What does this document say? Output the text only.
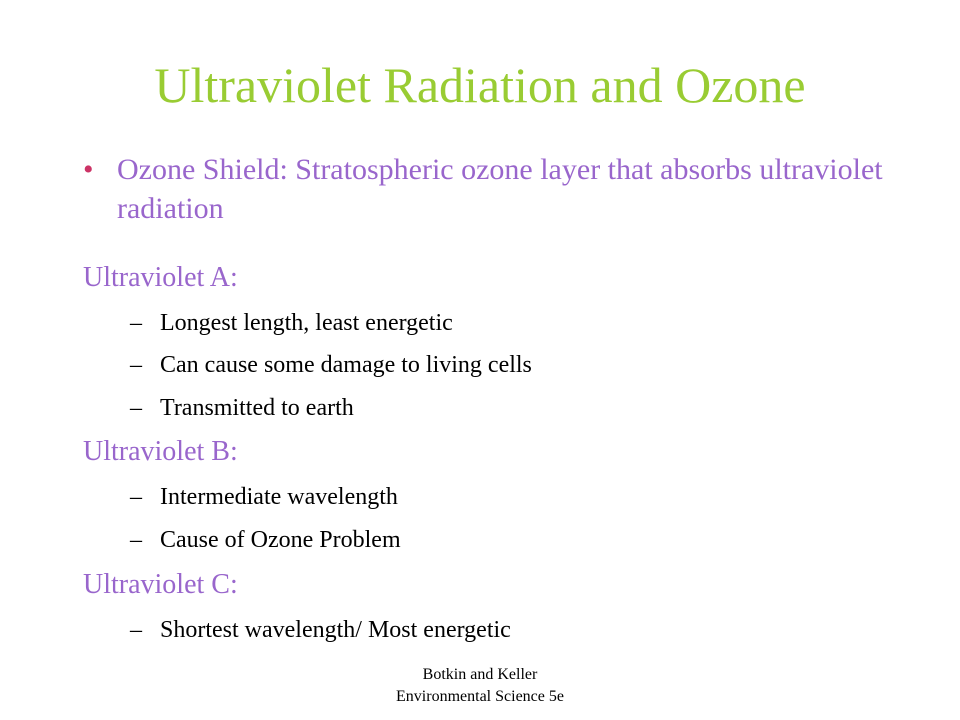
Ultraviolet Radiation and Ozone
• Ozone Shield: Stratospheric ozone layer that absorbs ultraviolet radiation
Ultraviolet A:
– Longest length, least energetic
– Can cause some damage to living cells
– Transmitted to earth
Ultraviolet B:
– Intermediate wavelength
– Cause of Ozone Problem
Ultraviolet C:
– Shortest wavelength/ Most energetic
Botkin and Keller
Environmental Science 5e
